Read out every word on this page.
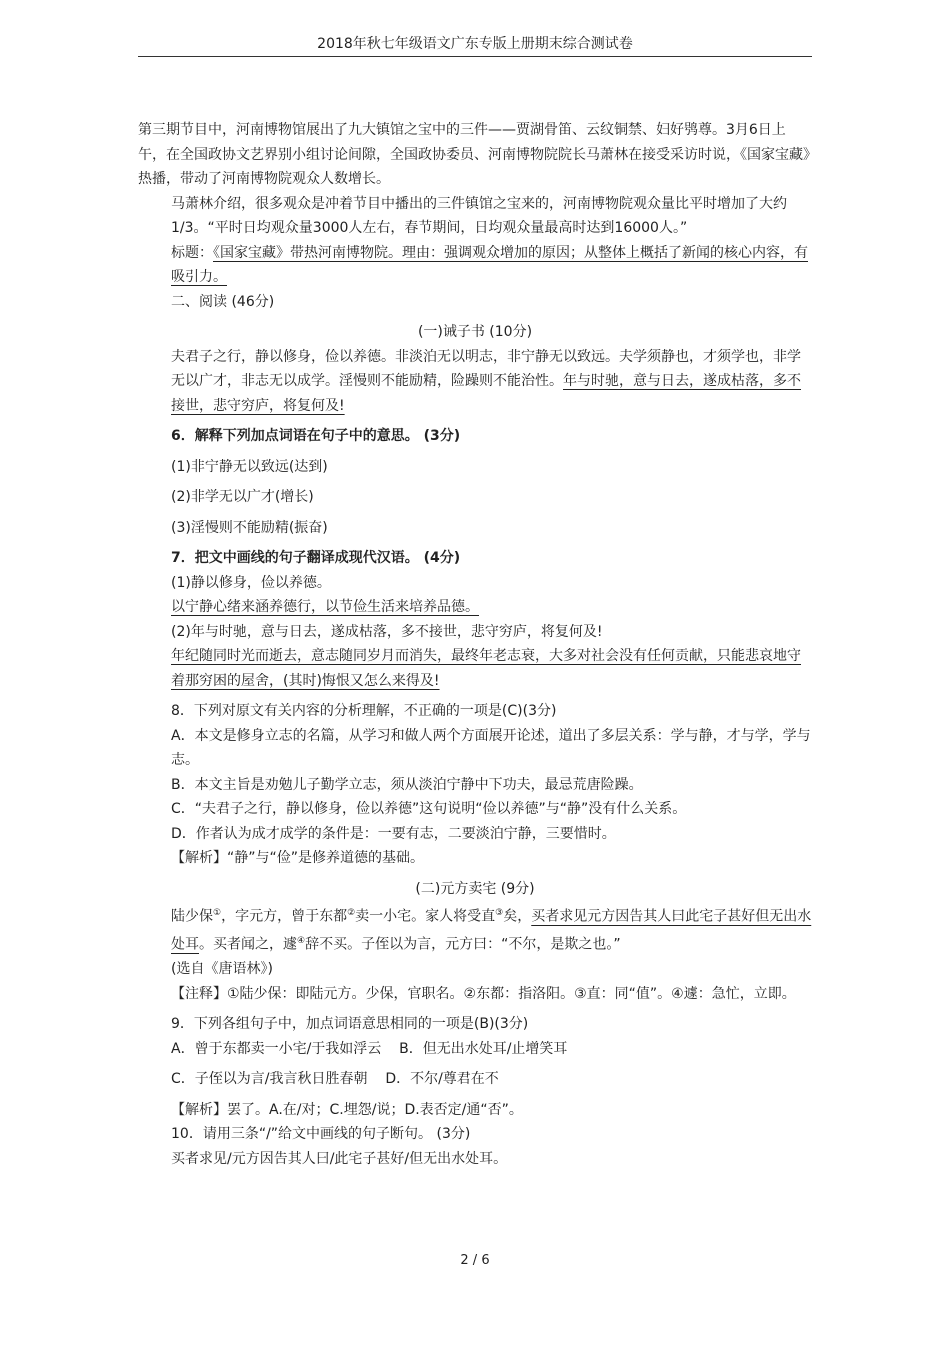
2018年秋七年级语文广东专版上册期末综合测试卷

第三期节目中，河南博物馆展出了九大镇馆之宝中的三件——贾湖骨笛、云纹铜禁、妇好鸮尊。3月6日上午，在全国政协文艺界别小组讨论间隙，全国政协委员、河南博物院院长马萧林在接受采访时说，《国家宝藏》热播，带动了河南博物院观众人数增长。

马萧林介绍，很多观众是冲着节目中播出的三件镇馆之宝来的，河南博物院观众量比平时增加了大约1/3。“平时日均观众量3000人左右，春节期间，日均观众量最高时达到16000人。”

标题：《国家宝藏》带热河南博物院。理由：强调观众增加的原因；从整体上概括了新闻的核心内容，有吸引力。

二、阅读 (46分)

(一)诫子书 (10分)

夫君子之行，静以修身，俭以养德。非淡泊无以明志，非宁静无以致远。夫学须静也，才须学也，非学无以广才，非志无以成学。淫慢则不能励精，险躁则不能治性。年与时驰，意与日去，遂成枯落，多不接世，悲守穷庐，将复何及!

6．解释下列加点词语在句子中的意思。 (3分)

(1)非宁静无以致远(达到)

(2)非学无以广才(增长)

(3)淫慢则不能励精(振奋)

7．把文中画线的句子翻译成现代汉语。 (4分)

(1)静以修身，俭以养德。

以宁静心绪来涵养德行，以节俭生活来培养品德。

(2)年与时驰，意与日去，遂成枯落，多不接世，悲守穷庐，将复何及!

年纪随同时光而逝去，意志随同岁月而消失，最终年老志衰，大多对社会没有任何贡献，只能悲哀地守着那穷困的屋舍，(其时)悔恨又怎么来得及!

8．下列对原文有关内容的分析理解，不正确的一项是(C)(3分)

A．本文是修身立志的名篇，从学习和做人两个方面展开论述，道出了多层关系：学与静，才与学，学与志。

B．本文主旨是劝勉儿子勤学立志，须从淡泊宁静中下功夫，最忌荒唐险躁。

C．“夫君子之行，静以修身，俭以养德”这句说明“俭以养德”与“静”没有什么关系。

D．作者认为成才成学的条件是：一要有志，二要淡泊宁静，三要惜时。

【解析】“静”与“俭”是修养道德的基础。

(二)元方卖宅 (9分)

陆少保①，字元方，曾于东都②卖一小宅。家人将受直③矣，买者求见元方因告其人曰此宅子甚好但无出水处耳。买者闻之，遽④辞不买。子侄以为言，元方曰：“不尔，是欺之也。”

(选自《唐语林》)

【注释】①陆少保：即陆元方。少保，官职名。②东都：指洛阳。③直：同“值”。④遽：急忙，立即。

9．下列各组句子中，加点词语意思相同的一项是(B)(3分)

A．曾于东都卖一小宅/于我如浮云 B．但无出水处耳/止增笑耳

C．子侄以为言/我言秋日胜春朝 D．不尔/尊君在不

【解析】罢了。A.在/对；C.埋怨/说；D.表否定/通“否”。

10．请用三条“/”给文中画线的句子断句。 (3分)

买者求见/元方因告其人曰/此宅子甚好/但无出水处耳。

2 / 6
